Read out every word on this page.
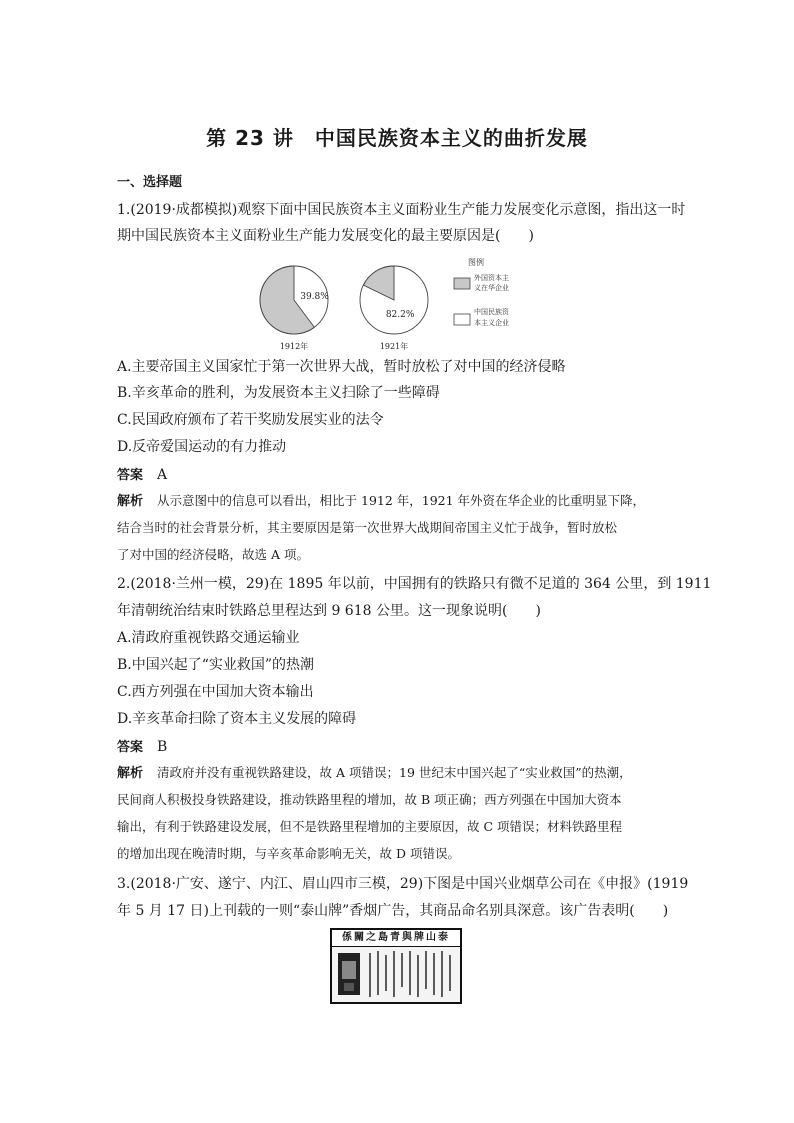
第 23 讲　中国民族资本主义的曲折发展
一、选择题
1.(2019·成都模拟)观察下面中国民族资本主义面粉业生产能力发展变化示意图，指出这一时
期中国民族资本主义面粉业生产能力发展变化的最主要原因是(　　)
39.8%
1912年
82.2%
1921年
图例
外国资本主
义在华企业
中国民族资
本主义企业
A.主要帝国主义国家忙于第一次世界大战，暂时放松了对中国的经济侵略
B.辛亥革命的胜利，为发展资本主义扫除了一些障碍
C.民国政府颁布了若干奖励发展实业的法令
D.反帝爱国运动的有力推动
答案 A
解析 从示意图中的信息可以看出，相比于 1912 年，1921 年外资在华企业的比重明显下降，
结合当时的社会背景分析，其主要原因是第一次世界大战期间帝国主义忙于战争，暂时放松
了对中国的经济侵略，故选 A 项。
2.(2018·兰州一模，29)在 1895 年以前，中国拥有的铁路只有微不足道的 364 公里，到 1911
年清朝统治结束时铁路总里程达到 9 618 公里。这一现象说明(　　)
A.清政府重视铁路交通运输业
B.中国兴起了“实业救国”的热潮
C.西方列强在中国加大资本输出
D.辛亥革命扫除了资本主义发展的障碍
答案 B
解析 清政府并没有重视铁路建设，故 A 项错误；19 世纪末中国兴起了“实业救国”的热潮，
民间商人积极投身铁路建设，推动铁路里程的增加，故 B 项正确；西方列强在中国加大资本
输出，有利于铁路建设发展，但不是铁路里程增加的主要原因，故 C 项错误；材料铁路里程
的增加出现在晚清时期，与辛亥革命影响无关，故 D 项错误。
3.(2018·广安、遂宁、内江、眉山四市三模，29)下图是中国兴业烟草公司在《申报》(1919
年 5 月 17 日)上刊载的一则“泰山牌”香烟广告，其商品命名别具深意。该广告表明(　　)
係關之島青與牌山泰
